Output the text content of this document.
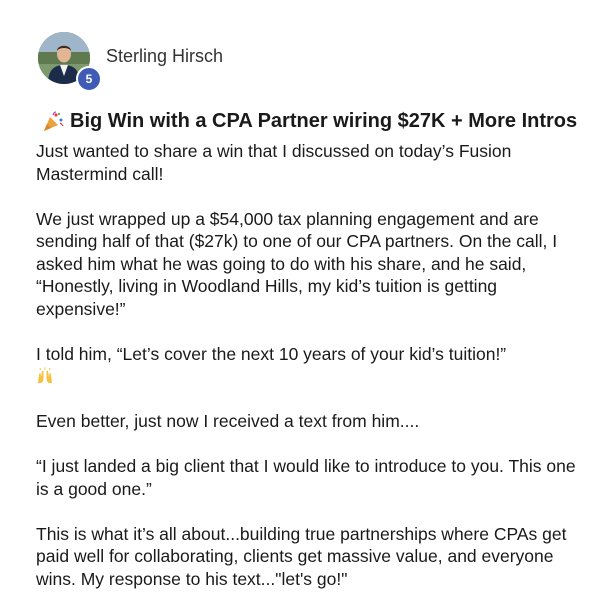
5
Sterling Hirsch
Big Win with a CPA Partner wiring $27K + More Intros

Just wanted to share a win that I discussed on today’s Fusion Mastermind call!

We just wrapped up a $54,000 tax planning engagement and are sending half of that ($27k) to one of our CPA partners. On the call, I asked him what he was going to do with his share, and he said, “Honestly, living in Woodland Hills, my kid’s tuition is getting expensive!”

I told him, “Let’s cover the next 10 years of your kid’s tuition!”

Even better, just now I received a text from him....

“I just landed a big client that I would like to introduce to you. This one is a good one.”

This is what it’s all about...building true partnerships where CPAs get paid well for collaborating, clients get massive value, and everyone wins. My response to his text..."let's go!"
